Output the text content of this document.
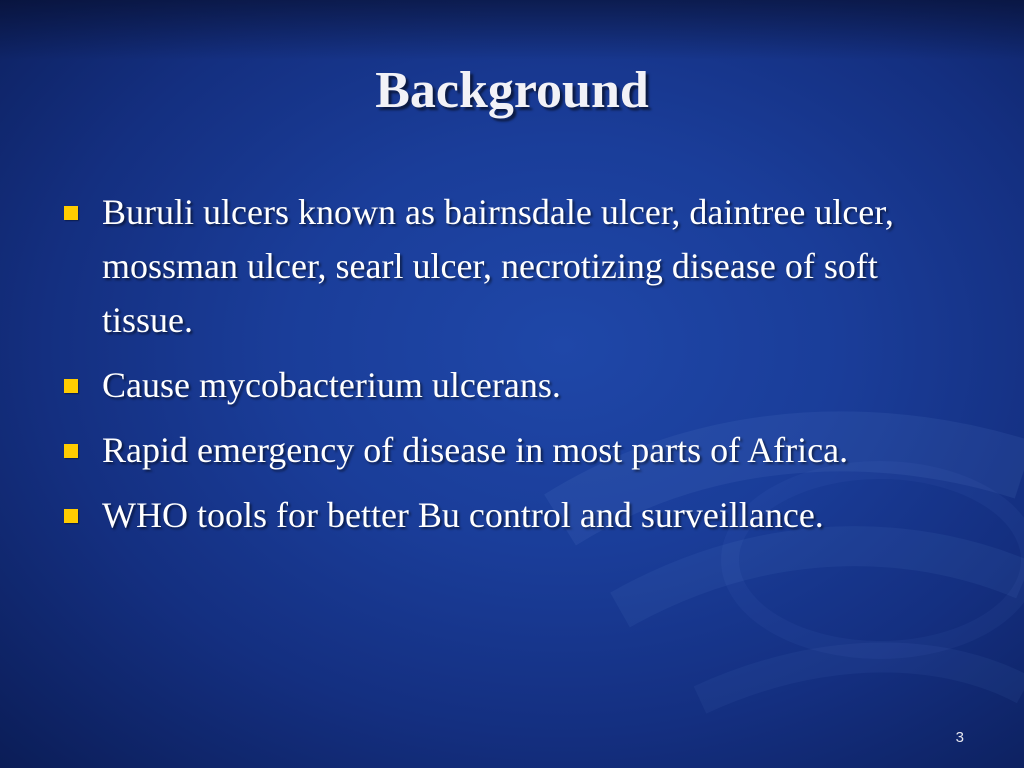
Background
Buruli ulcers known as bairnsdale ulcer, daintree ulcer, mossman ulcer, searl ulcer, necrotizing disease of soft tissue.
Cause mycobacterium ulcerans.
Rapid emergency of disease in most parts of Africa.
WHO tools for better Bu control and surveillance.
3
